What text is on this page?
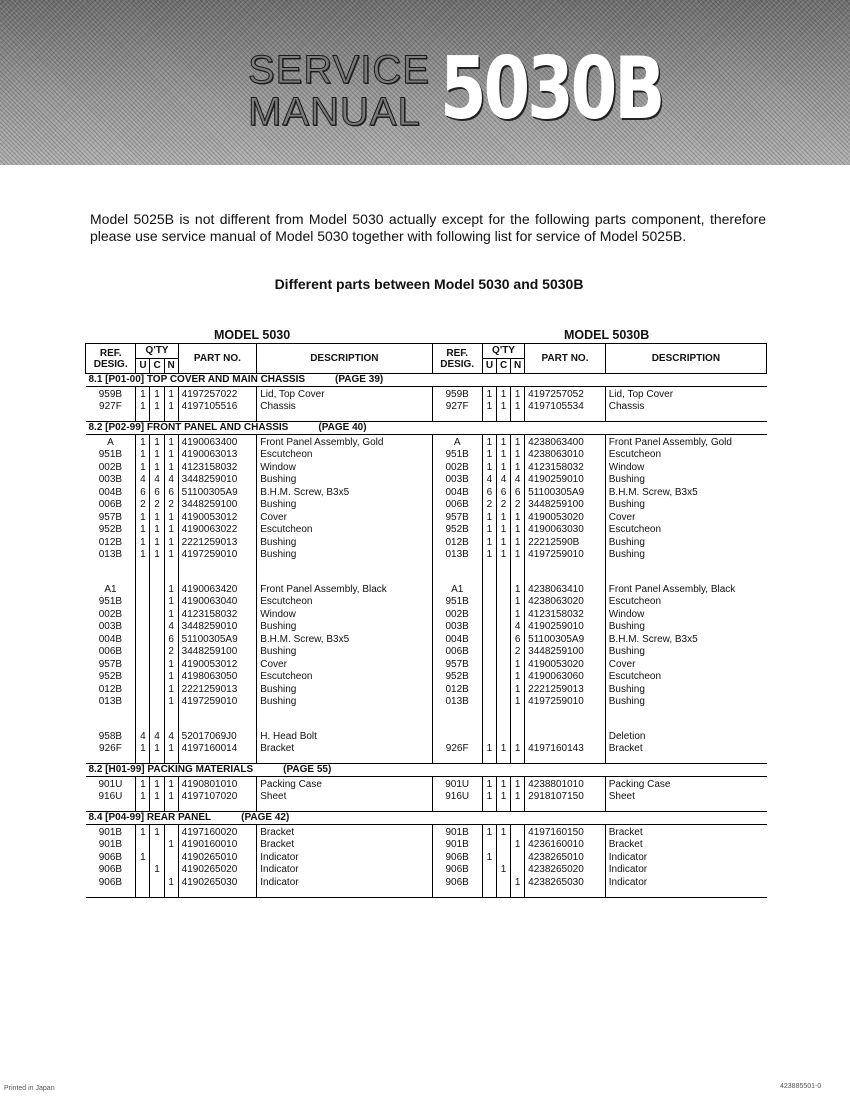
SERVICE
MANUAL 5030B

Model 5025B is not different from Model 5030 actually except for the following parts component, therefore please use service manual of Model 5030 together with following list for service of Model 5025B.

Different parts between Model 5030 and 5030B
MODEL 5030	MODEL 5030B
REF. DESIG.	Q'TY			PART NO.	DESCRIPTION	REF. DESIG.	Q'TY			PART NO.	DESCRIPTION
	U	C	N				U	C	N		
8.1 [P01-00] TOP COVER AND MAIN CHASSIS (PAGE 39)											
959B	1	1	1	4197257022	Lid, Top Cover	959B	1	1	1	4197257052	Lid, Top Cover
927F	1	1	1	4197105516	Chassis	927F	1	1	1	4197105534	Chassis

8.2 [P02-99] FRONT PANEL AND CHASSIS (PAGE 40)											
A	1	1	1	4190063400	Front Panel Assembly, Gold	A	1	1	1	4238063400	Front Panel Assembly, Gold
951B	1	1	1	4190063013	Escutcheon	951B	1	1	1	4238063010	Escutcheon
002B	1	1	1	4123158032	Window	002B	1	1	1	4123158032	Window
003B	4	4	4	3448259010	Bushing	003B	4	4	4	4190259010	Bushing
004B	6	6	6	51100305A9	B.H.M. Screw, B3x5	004B	6	6	6	51100305A9	B.H.M. Screw, B3x5
006B	2	2	2	3448259100	Bushing	006B	2	2	2	3448259100	Bushing
957B	1	1	1	4190053012	Cover	957B	1	1	1	4190053020	Cover
952B	1	1	1	4190063022	Escutcheon	952B	1	1	1	4190063030	Escutcheon
012B	1	1	1	2221259013	Bushing	012B	1	1	1	22212590B	Bushing
013B	1	1	1	4197259010	Bushing	013B	1	1	1	4197259010	Bushing

A1			1	4190063420	Front Panel Assembly, Black	A1			1	4238063410	Front Panel Assembly, Black
951B			1	4190063040	Escutcheon	951B			1	4238063020	Escutcheon
002B			1	4123158032	Window	002B			1	4123158032	Window
003B			4	3448259010	Bushing	003B			4	4190259010	Bushing
004B			6	51100305A9	B.H.M. Screw, B3x5	004B			6	51100305A9	B.H.M. Screw, B3x5
006B			2	3448259100	Bushing	006B			2	3448259100	Bushing
957B			1	4190053012	Cover	957B			1	4190053020	Cover
952B			1	4198063050	Escutcheon	952B			1	4190063060	Escutcheon
012B			1	2221259013	Bushing	012B			1	2221259013	Bushing
013B			1	4197259010	Bushing	013B			1	4197259010	Bushing

958B	4	4	4	52017069J0	H. Head Bolt						Deletion
926F	1	1	1	4197160014	Bracket	926F	1	1	1	4197160143	Bracket

8.2 [H01-99] PACKING MATERIALS (PAGE 55)											
901U	1	1	1	4190801010	Packing Case	901U	1	1	1	4238801010	Packing Case
916U	1	1	1	4197107020	Sheet	916U	1	1	1	2918107150	Sheet

8.4 [P04-99] REAR PANEL (PAGE 42)											
901B	1	1		4197160020	Bracket	901B	1	1		4197160150	Bracket
901B			1	4190160010	Bracket	901B			1	4236160010	Bracket
906B	1			4190265010	Indicator	906B	1			4238265010	Indicator
906B		1		4190265020	Indicator	906B		1		4238265020	Indicator
906B			1	4190265030	Indicator	906B			1	4238265030	Indicator

Printed in Japan	423885501-0
